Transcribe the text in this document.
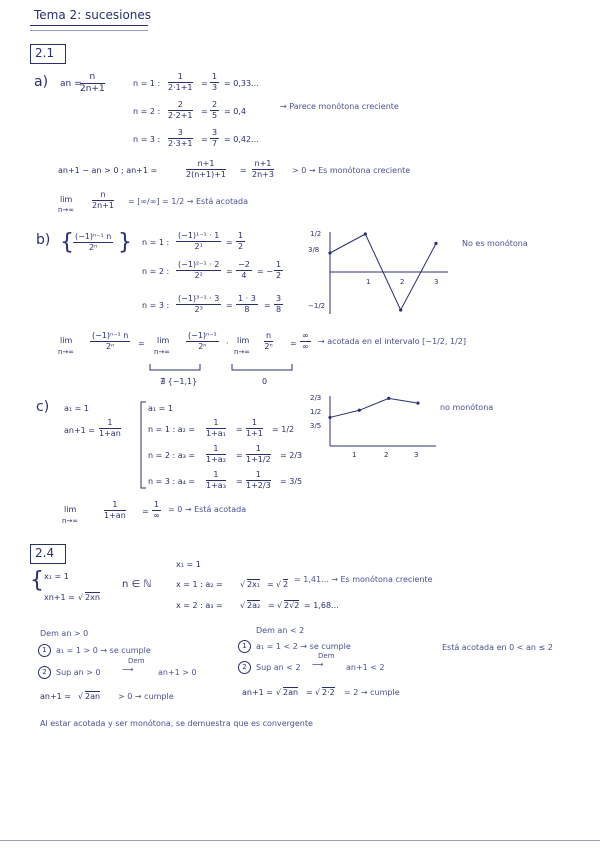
Tema 2: sucesiones
2.1
a) an =
$\frac{n}{2n+1}$	n = 1 : $\frac{1}{2\cdot 1+1} = \frac{1}{3} = 0,33$...
n = 2 : $\frac{2}{2\cdot 2+1} = \frac{2}{5} = 0,4$
→ Parece monótona creciente
n = 3 : $\frac{3}{2\cdot 3+1} = \frac{3}{7} = 0,42$...
an+1 − an > 0 ; an+1 =	$\frac{n+1}{2(n+1)+1} = \frac{n+1}{2n+3} > 0 \to Es$ monótona creciente
lim
$n\to\infty \frac{n}{2n+1}$ = [∞/∞] = 1/2 → Está acotada
b) { $\frac{\text{(−1)ⁿ⁻¹ n}}{\text{2ⁿ}}$ } n = 1 : $\frac{\text{(−1)¹⁻¹ · 1}}{\text{2¹}} = \frac{1}{2}$
n = 2 : $\frac{\text{(−1)²⁻¹ · 2}}{\text{2²}} = \frac{-2}{4}$ = − $\frac{1}{2}$
n = 3 : $\frac{\text{(−1)³⁻¹ · 3}}{\text{2³}} = \frac{1 \cdot 3}{8} = \frac{3}{8}$
1/2
3/8
−1/2
1	2	3
No es monótona
lim
n→∞
$\frac{\text{(−1)ⁿ⁻¹ n}}{\text{2ⁿ}} = \lim$
n→∞
$\frac{\text{(−1)ⁿ⁻¹}}{\text{2ⁿ}} \cdot \lim$
n→∞
$\frac{n}{\text{2ⁿ}}$ =
∞
∞
→ acotada en el intervalo [−1/2, 1/2]
∄ {−1,1}	0
c) a₁ = 1
$an+1 = \frac{1}{1+an}$
a₁ = 1
n = 1 : $a_2 = \frac{1}{\text{1+a₁}} = \frac{1}{1+1} = 1/2$
n = 2 : $a_3 = \frac{1}{\text{1+a₂}} = \frac{1}{1+1/2} = 2/3$
n = 3 : $a_4 = \frac{1}{\text{1+a₃}} = \frac{1}{1+2/3} = 3/5$
2/3
1/2
3/5
1	2	3
no monótona
lim
n→∞
$\frac{1}{1+an}$ =
1
∞
= 0 → Está acotada
2.4
{ x₁ = 1
xn+1 = √ 2xn
n ∈ ℕ
x₁ = 1
x = 1 : a₂ = √ 2x₁ = √ 2
= 1,41... → Es monótona creciente
x = 2 : a₃ = √ 2a₂ = √ 2√2 = 1,68...
Dem an > 0
1	a₁ = 1 > 0 → se cumple
2	Sup an > 0
Dem
⟶	an+1 > 0
an+1 = √ 2an > 0 → cumple
Dem an < 2
1	a₁ = 1 < 2 → se cumple
2	Sup an < 2
Dem
⟶	an+1 < 2
an+1 = √ 2an = √ 2·2 = 2 → cumple
Está acotada en 0 < an ≤ 2
Al estar acotada y ser monótona, se demuestra que es convergente
